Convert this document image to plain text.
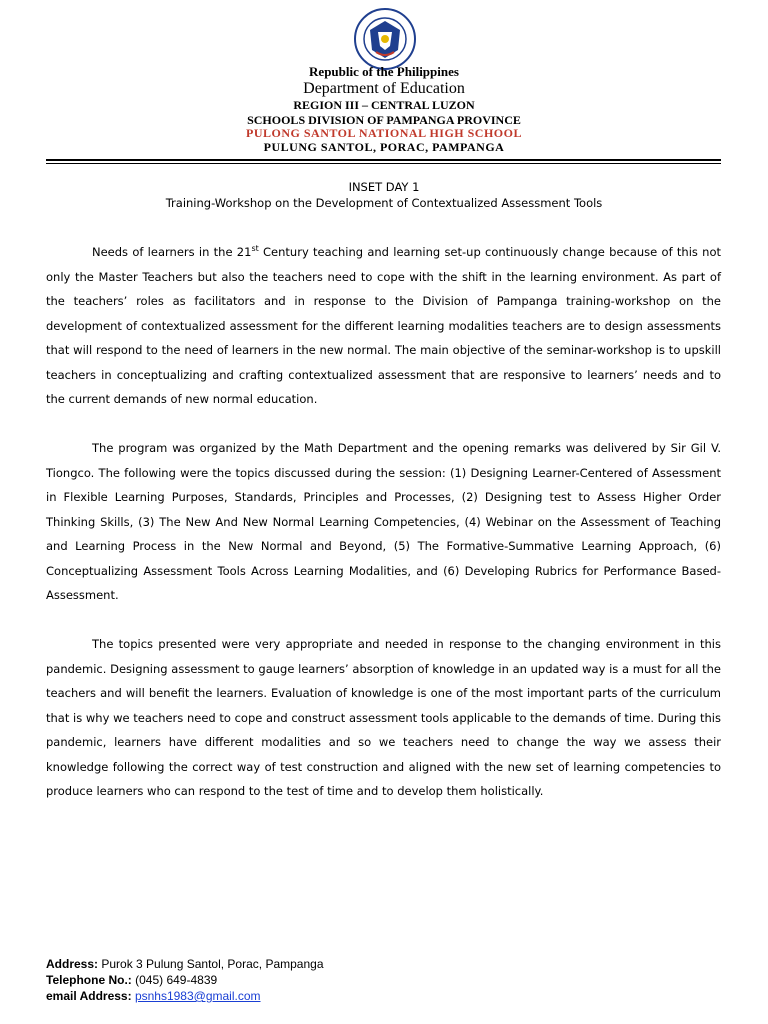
Republic of the Philippines
Department of Education
REGION III – CENTRAL LUZON
SCHOOLS DIVISION OF PAMPANGA PROVINCE
PULONG SANTOL NATIONAL HIGH SCHOOL
PULUNG SANTOL, PORAC, PAMPANGA
INSET DAY 1
Training-Workshop on the Development of Contextualized Assessment Tools

Needs of learners in the 21st Century teaching and learning set-up continuously change because of this not only the Master Teachers but also the teachers need to cope with the shift in the learning environment. As part of the teachers’ roles as facilitators and in response to the Division of Pampanga training-workshop on the development of contextualized assessment for the different learning modalities teachers are to design assessments that will respond to the need of learners in the new normal. The main objective of the seminar-workshop is to upskill teachers in conceptualizing and crafting contextualized assessment that are responsive to learners’ needs and to the current demands of new normal education.

The program was organized by the Math Department and the opening remarks was delivered by Sir Gil V. Tiongco. The following were the topics discussed during the session: (1) Designing Learner-Centered of Assessment in Flexible Learning Purposes, Standards, Principles and Processes, (2) Designing test to Assess Higher Order Thinking Skills, (3) The New And New Normal Learning Competencies, (4) Webinar on the Assessment of Teaching and Learning Process in the New Normal and Beyond, (5) The Formative-Summative Learning Approach, (6) Conceptualizing Assessment Tools Across Learning Modalities, and (6) Developing Rubrics for Performance Based-Assessment.

The topics presented were very appropriate and needed in response to the changing environment in this pandemic. Designing assessment to gauge learners’ absorption of knowledge in an updated way is a must for all the teachers and will benefit the learners. Evaluation of knowledge is one of the most important parts of the curriculum that is why we teachers need to cope and construct assessment tools applicable to the demands of time. During this pandemic, learners have different modalities and so we teachers need to change the way we assess their knowledge following the correct way of test construction and aligned with the new set of learning competencies to produce learners who can respond to the test of time and to develop them holistically.

Address: Purok 3 Pulung Santol, Porac, Pampanga
Telephone No.: (045) 649-4839
email Address: psnhs1983@gmail.com
